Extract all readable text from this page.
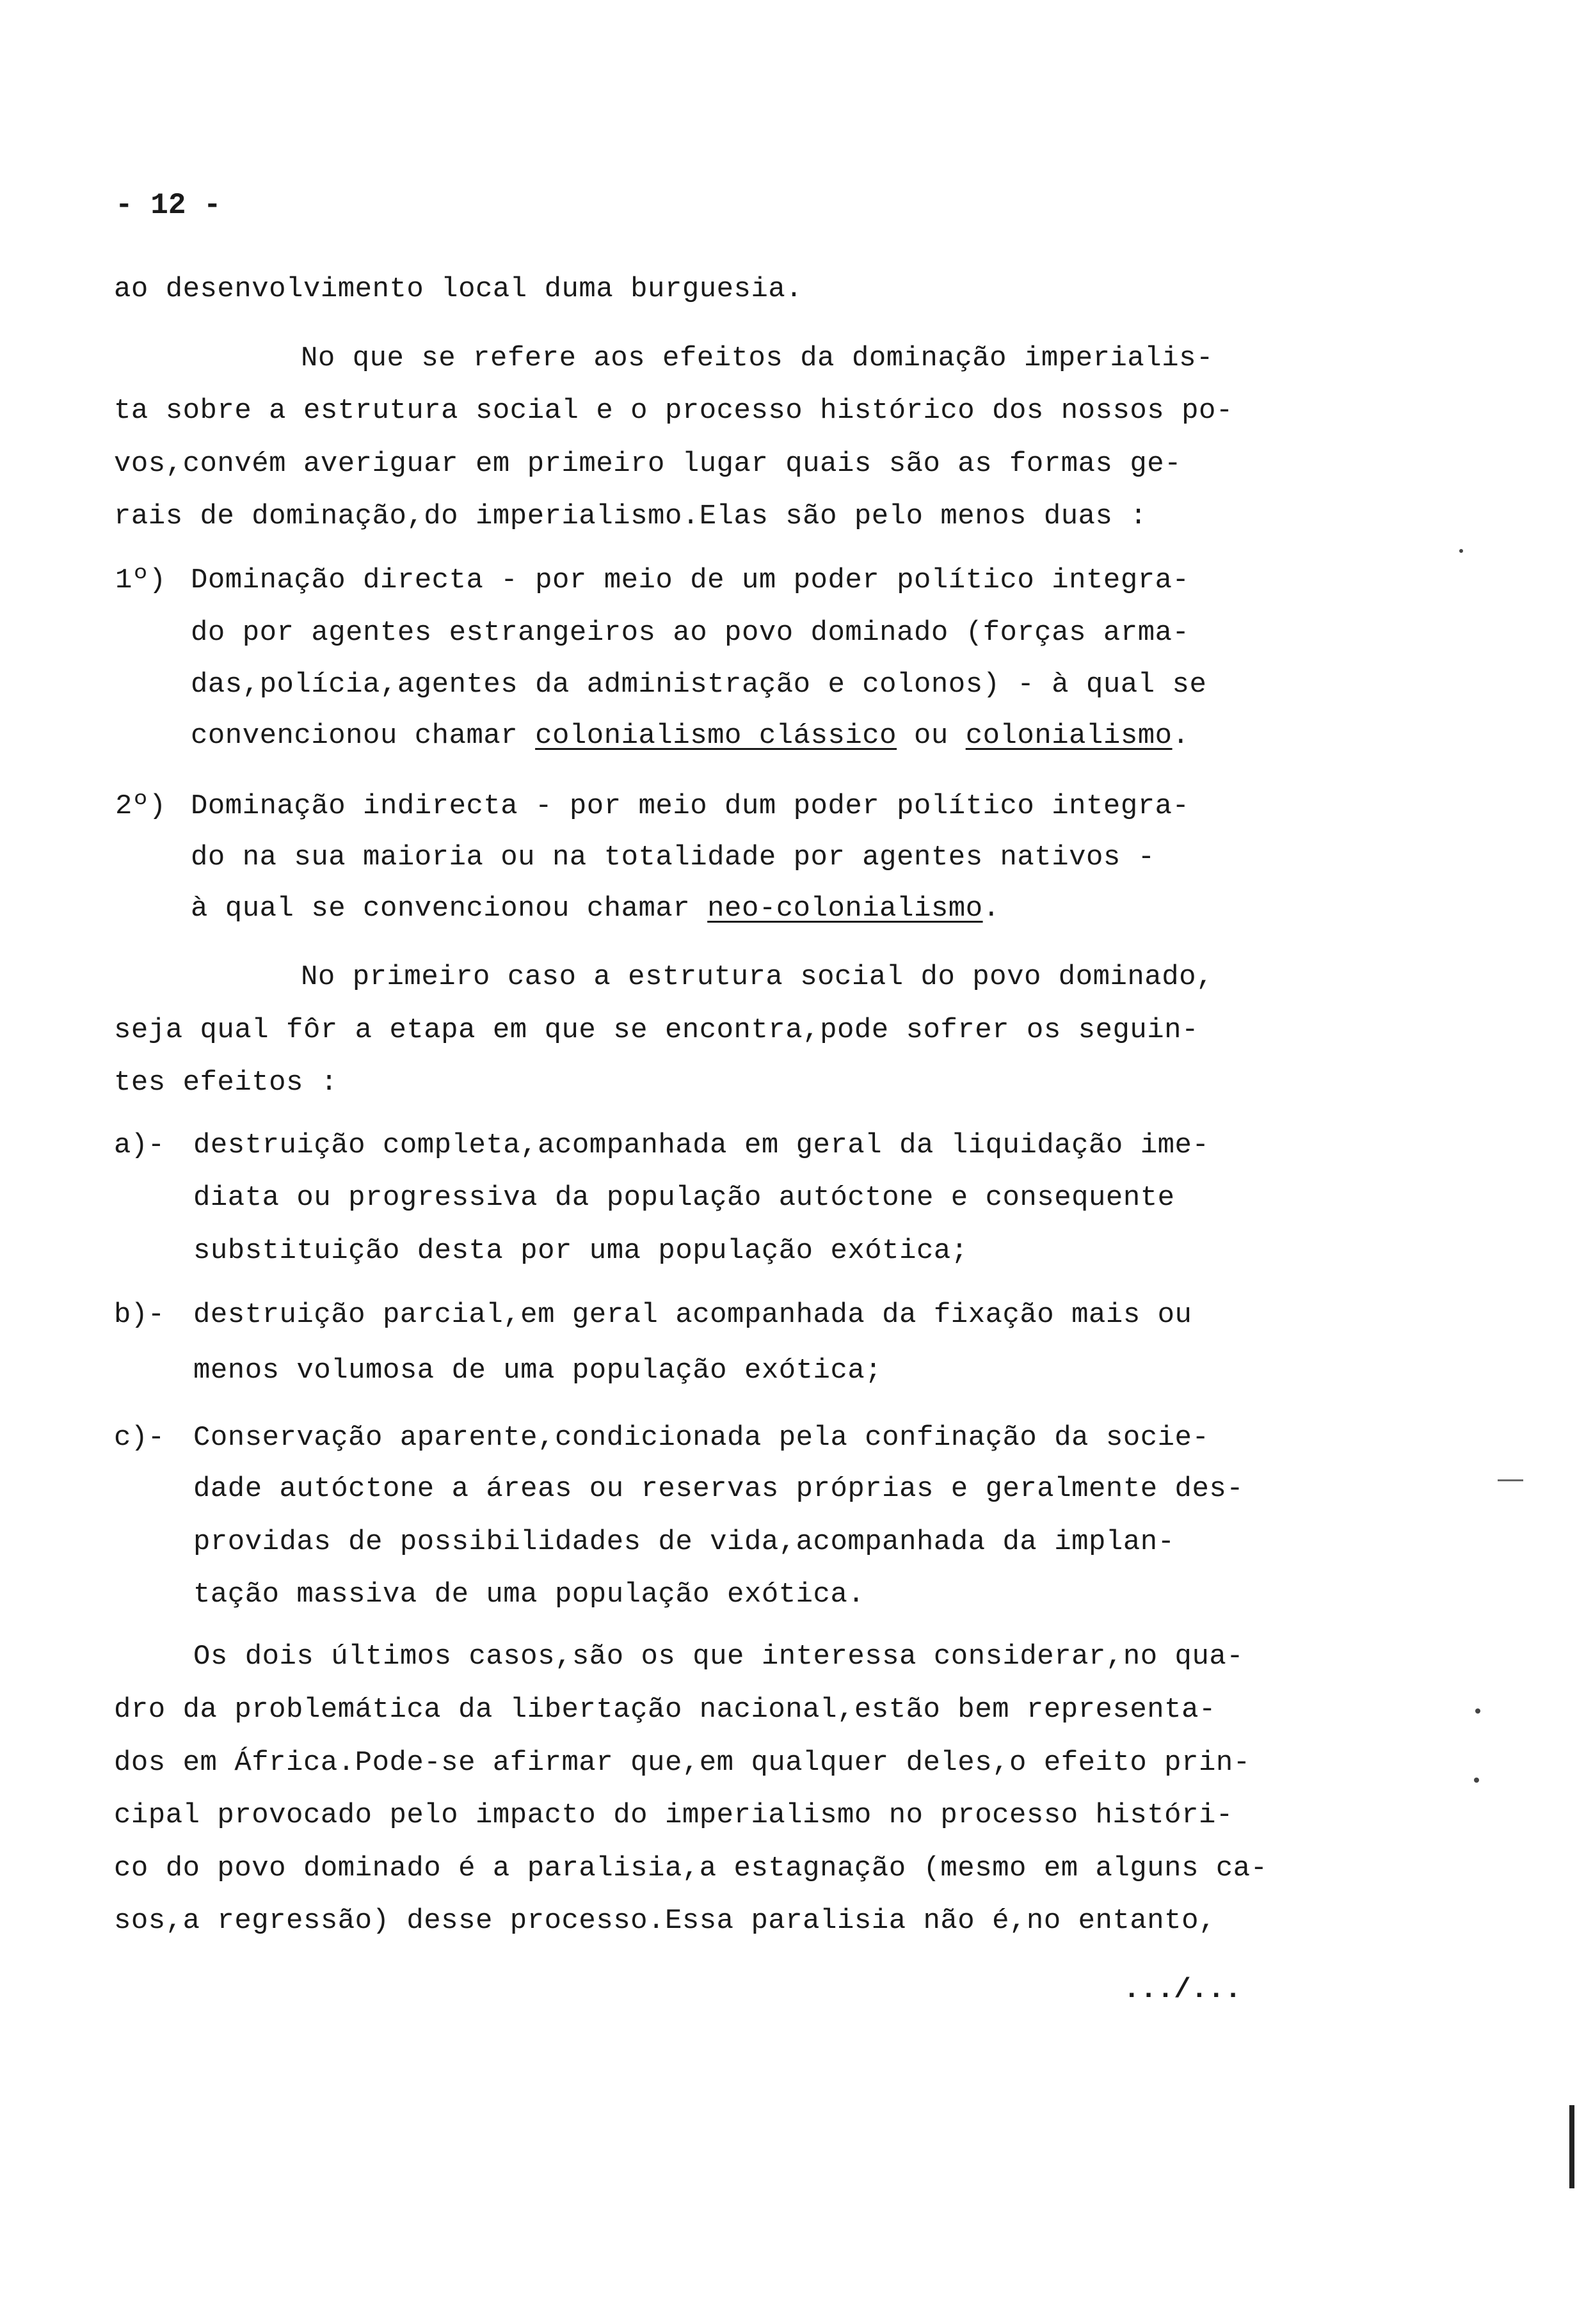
- 12 -
ao desenvolvimento local duma burguesia.
No que se refere aos efeitos da dominação imperialis-
ta sobre a estrutura social e o processo histórico dos nossos po-
vos,convém averiguar em primeiro lugar quais são as formas ge-
rais de dominação,do imperialismo.Elas são pelo menos duas :
1º) Dominação directa - por meio de um poder político integra-
do por agentes estrangeiros ao povo dominado (forças arma-
das,polícia,agentes da administração e colonos) - à qual se
convencionou chamar colonialismo clássico ou colonialismo.
2º) Dominação indirecta - por meio dum poder político integra-
do na sua maioria ou na totalidade por agentes nativos -
à qual se convencionou chamar neo-colonialismo.
No primeiro caso a estrutura social do povo dominado,
seja qual fôr a etapa em que se encontra,pode sofrer os seguin-
tes efeitos :
a)- destruição completa,acompanhada em geral da liquidação ime-
diata ou progressiva da população autóctone e consequente
substituição desta por uma população exótica;
b)- destruição parcial,em geral acompanhada da fixação mais ou
menos volumosa de uma população exótica;
c)- Conservação aparente,condicionada pela confinação da socie-
dade autóctone a áreas ou reservas próprias e geralmente des-
providas de possibilidades de vida,acompanhada da implan-
tação massiva de uma população exótica.
Os dois últimos casos,são os que interessa considerar,no qua-
dro da problemática da libertação nacional,estão bem representa-
dos em África.Pode-se afirmar que,em qualquer deles,o efeito prin-
cipal provocado pelo impacto do imperialismo no processo históri-
co do povo dominado é a paralisia,a estagnação (mesmo em alguns ca-
sos,a regressão) desse processo.Essa paralisia não é,no entanto,
.../...
